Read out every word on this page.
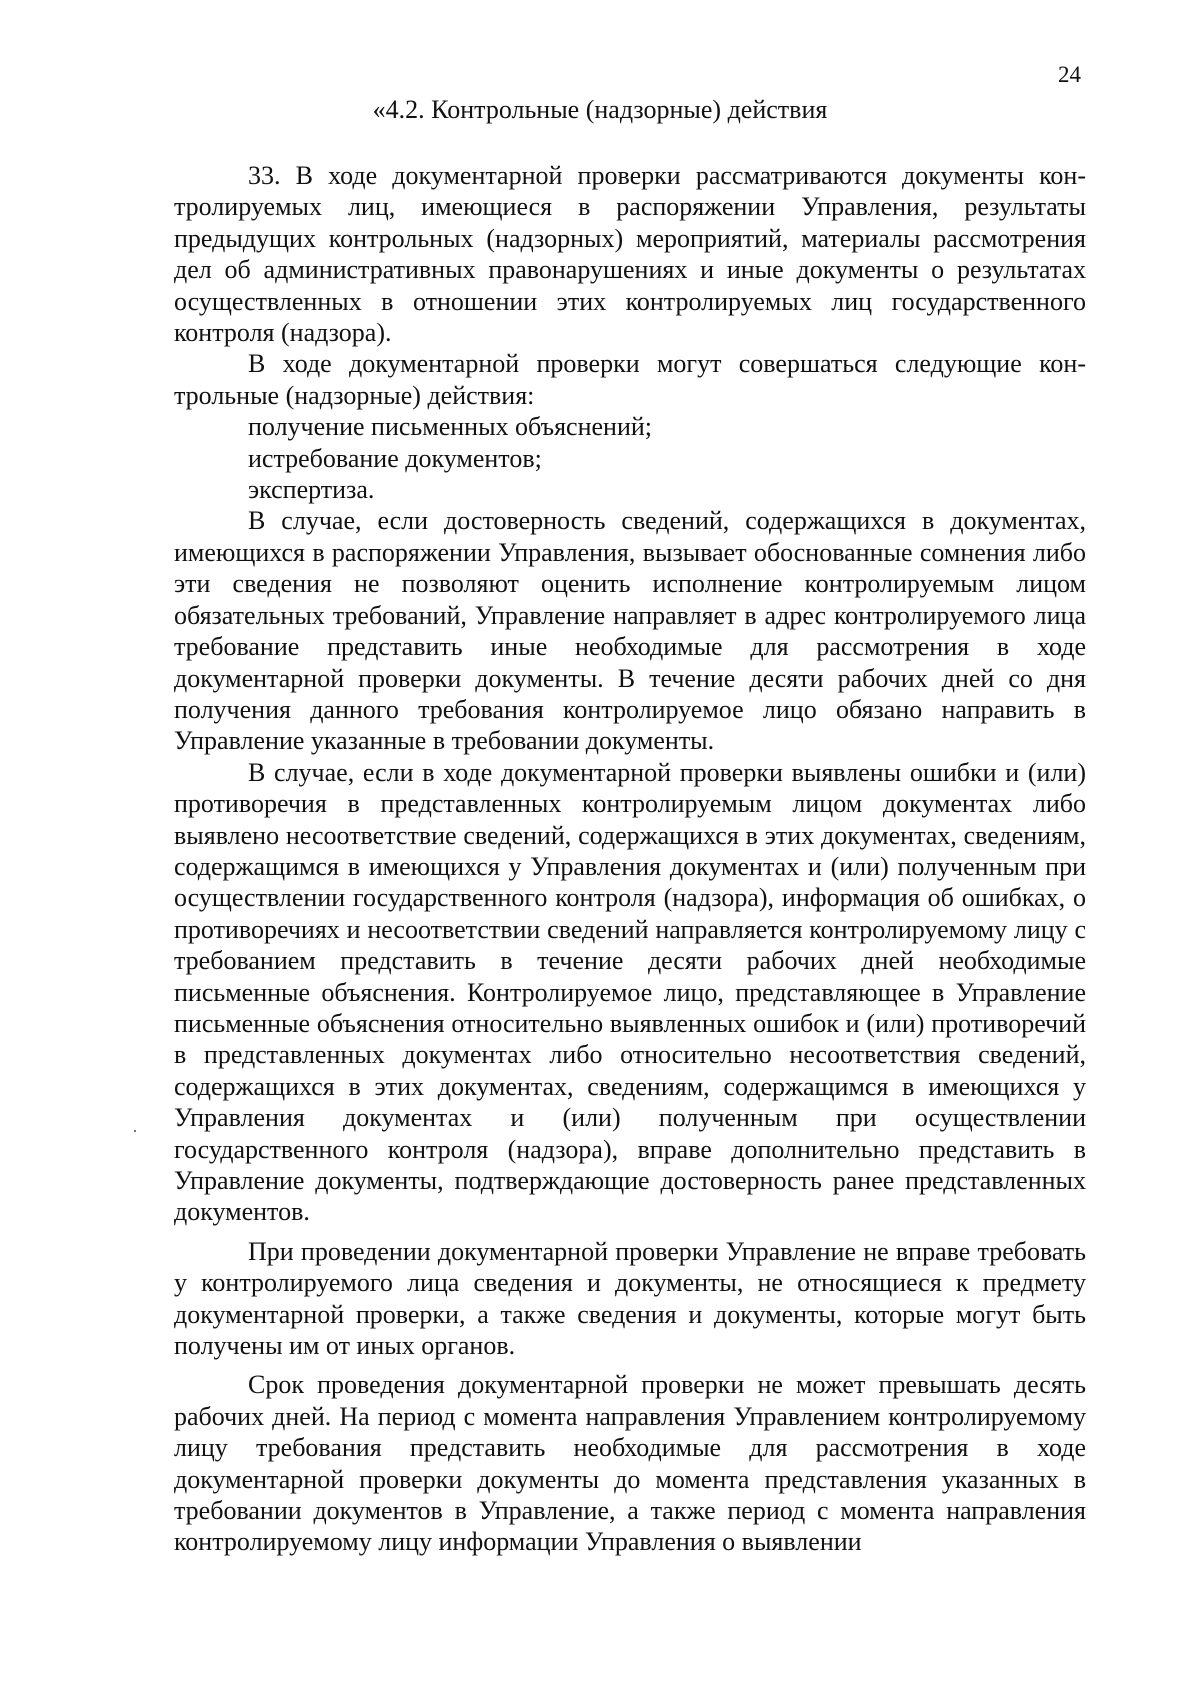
24
«4.2. Контрольные (надзорные) действия

33. В ходе документарной проверки рассматриваются документы контролируемых лиц, имеющиеся в распоряжении Управления, результаты предыдущих контрольных (надзорных) мероприятий, материалы рассмотрения дел об административных правонарушениях и иные документы о результатах осуществленных в отношении этих контролируемых лиц государственного контроля (надзора).

В ходе документарной проверки могут совершаться следующие контрольные (надзорные) действия:

получение письменных объяснений;

истребование документов;

экспертиза.

В случае, если достоверность сведений, содержащихся в документах, имеющихся в распоряжении Управления, вызывает обоснованные сомнения либо эти сведения не позволяют оценить исполнение контролируемым лицом обязательных требований, Управление направляет в адрес контролируемого лица требование представить иные необходимые для рассмотрения в ходе документарной проверки документы. В течение десяти рабочих дней со дня получения данного требования контролируемое лицо обязано направить в Управление указанные в требовании документы.

В случае, если в ходе документарной проверки выявлены ошибки и (или) противоречия в представленных контролируемым лицом документах либо выявлено несоответствие сведений, содержащихся в этих документах, сведениям, содержащимся в имеющихся у Управления документах и (или) полученным при осуществлении государственного контроля (надзора), информация об ошибках, о противоречиях и несоответствии сведений направляется контролируемому лицу с требованием представить в течение десяти рабочих дней необходимые письменные объяснения. Контролируемое лицо, представляющее в Управление письменные объяснения относительно выявленных ошибок и (или) противоречий в представленных документах либо относительно несоответствия сведений, содержащихся в этих документах, сведениям, содержащимся в имеющихся у Управления документах и (или) полученным при осуществлении государственного контроля (надзора), вправе дополнительно представить в Управление документы, подтверждающие достоверность ранее представленных документов.

При проведении документарной проверки Управление не вправе требовать у контролируемого лица сведения и документы, не относящиеся к предмету документарной проверки, а также сведения и документы, которые могут быть получены им от иных органов.

Срок проведения документарной проверки не может превышать десять рабочих дней. На период с момента направления Управлением контролируемому лицу требования представить необходимые для рассмотрения в ходе документарной проверки документы до момента представления указанных в требовании документов в Управление, а также период с момента направления контролируемому лицу информации Управления о выявлении
